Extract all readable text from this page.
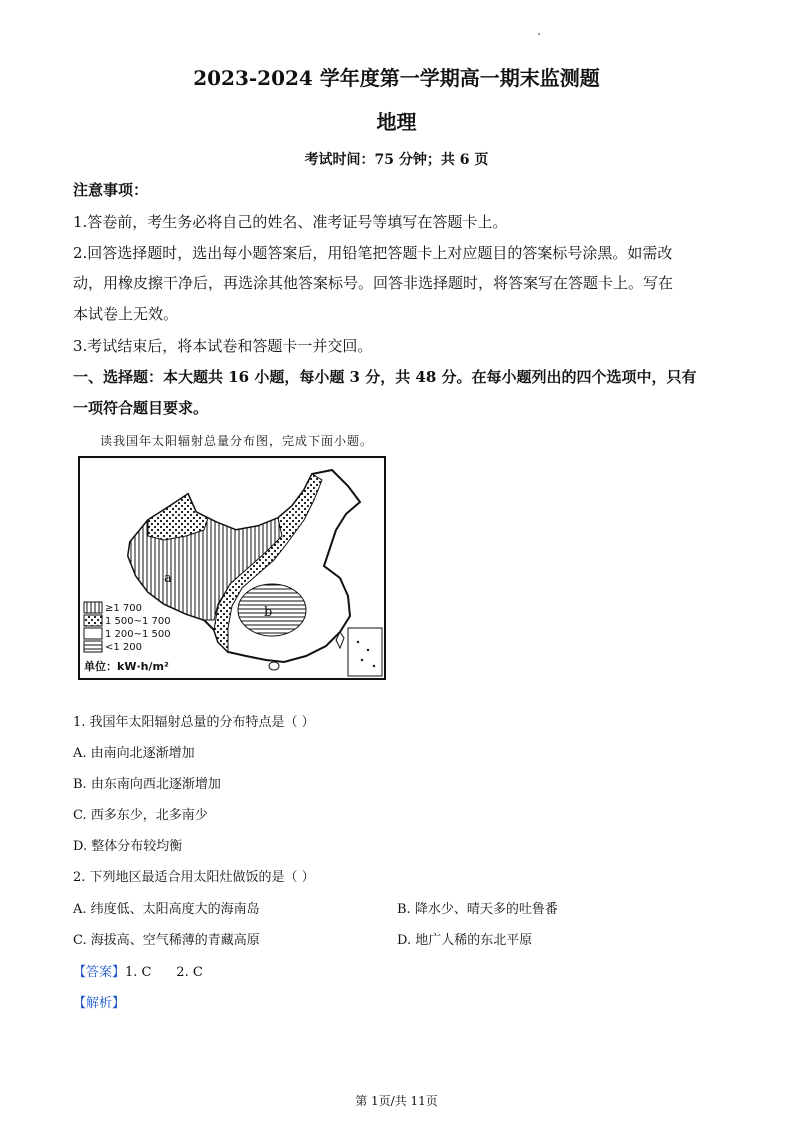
2023-2024 学年度第一学期高一期末监测题
地理
考试时间：75 分钟；共 6 页
注意事项：
1.答卷前，考生务必将自己的姓名、准考证号等填写在答题卡上。
2.回答选择题时，选出每小题答案后，用铅笔把答题卡上对应题目的答案标号涂黑。如需改
动，用橡皮擦干净后，再选涂其他答案标号。回答非选择题时，将答案写在答题卡上。写在
本试卷上无效。
3.考试结束后，将本试卷和答题卡一并交回。
一、选择题：本大题共 16 小题，每小题 3 分，共 48 分。在每小题列出的四个选项中，只有
一项符合题目要求。
读我国年太阳辐射总量分布图，完成下面小题。
a
b
≥1 700
1 500~1 700
1 200~1 500
<1 200
单位：kW·h/m²
1. 我国年太阳辐射总量的分布特点是（ ）
A. 由南向北逐渐增加
B. 由东南向西北逐渐增加
C. 西多东少，北多南少
D. 整体分布较均衡
2. 下列地区最适合用太阳灶做饭的是（ ）
A. 纬度低、太阳高度大的海南岛	B. 降水少、晴天多的吐鲁番
C. 海拔高、空气稀薄的青藏高原	D. 地广人稀的东北平原
【答案】1. C      2. C
【解析】
第 1页/共 11页
